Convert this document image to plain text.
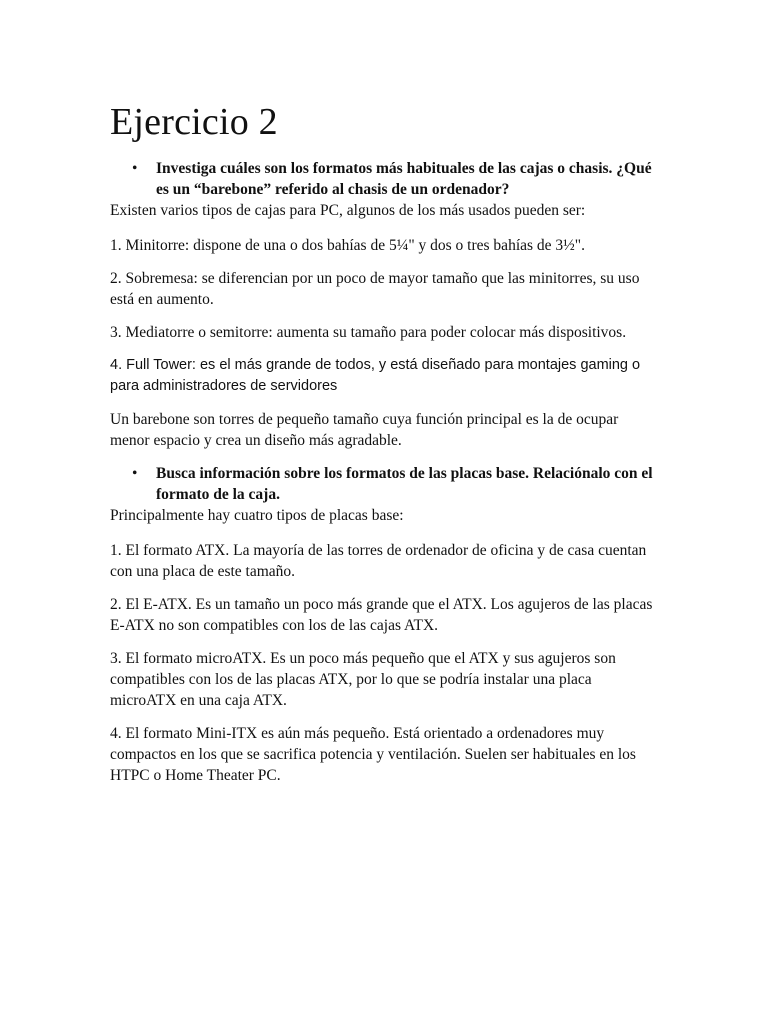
Ejercicio 2
• Investiga cuáles son los formatos más habituales de las cajas o chasis. ¿Qué es un “barebone” referido al chasis de un ordenador?

Existen varios tipos de cajas para PC, algunos de los más usados pueden ser:

1. Minitorre: dispone de una o dos bahías de 5¼" y dos o tres bahías de 3½".

2. Sobremesa: se diferencian por un poco de mayor tamaño que las minitorres, su uso está en aumento.

3. Mediatorre o semitorre: aumenta su tamaño para poder colocar más dispositivos.

4. Full Tower: es el más grande de todos, y está diseñado para montajes gaming o para administradores de servidores

Un barebone son torres de pequeño tamaño cuya función principal es la de ocupar menor espacio y crea un diseño más agradable.

• Busca información sobre los formatos de las placas base. Relaciónalo con el formato de la caja.

Principalmente hay cuatro tipos de placas base:

1. El formato ATX. La mayoría de las torres de ordenador de oficina y de casa cuentan con una placa de este tamaño.

2. El E-ATX. Es un tamaño un poco más grande que el ATX. Los agujeros de las placas E-ATX no son compatibles con los de las cajas ATX.

3. El formato microATX. Es un poco más pequeño que el ATX y sus agujeros son compatibles con los de las placas ATX, por lo que se podría instalar una placa microATX en una caja ATX.

4. El formato Mini-ITX es aún más pequeño. Está orientado a ordenadores muy compactos en los que se sacrifica potencia y ventilación. Suelen ser habituales en los HTPC o Home Theater PC.
